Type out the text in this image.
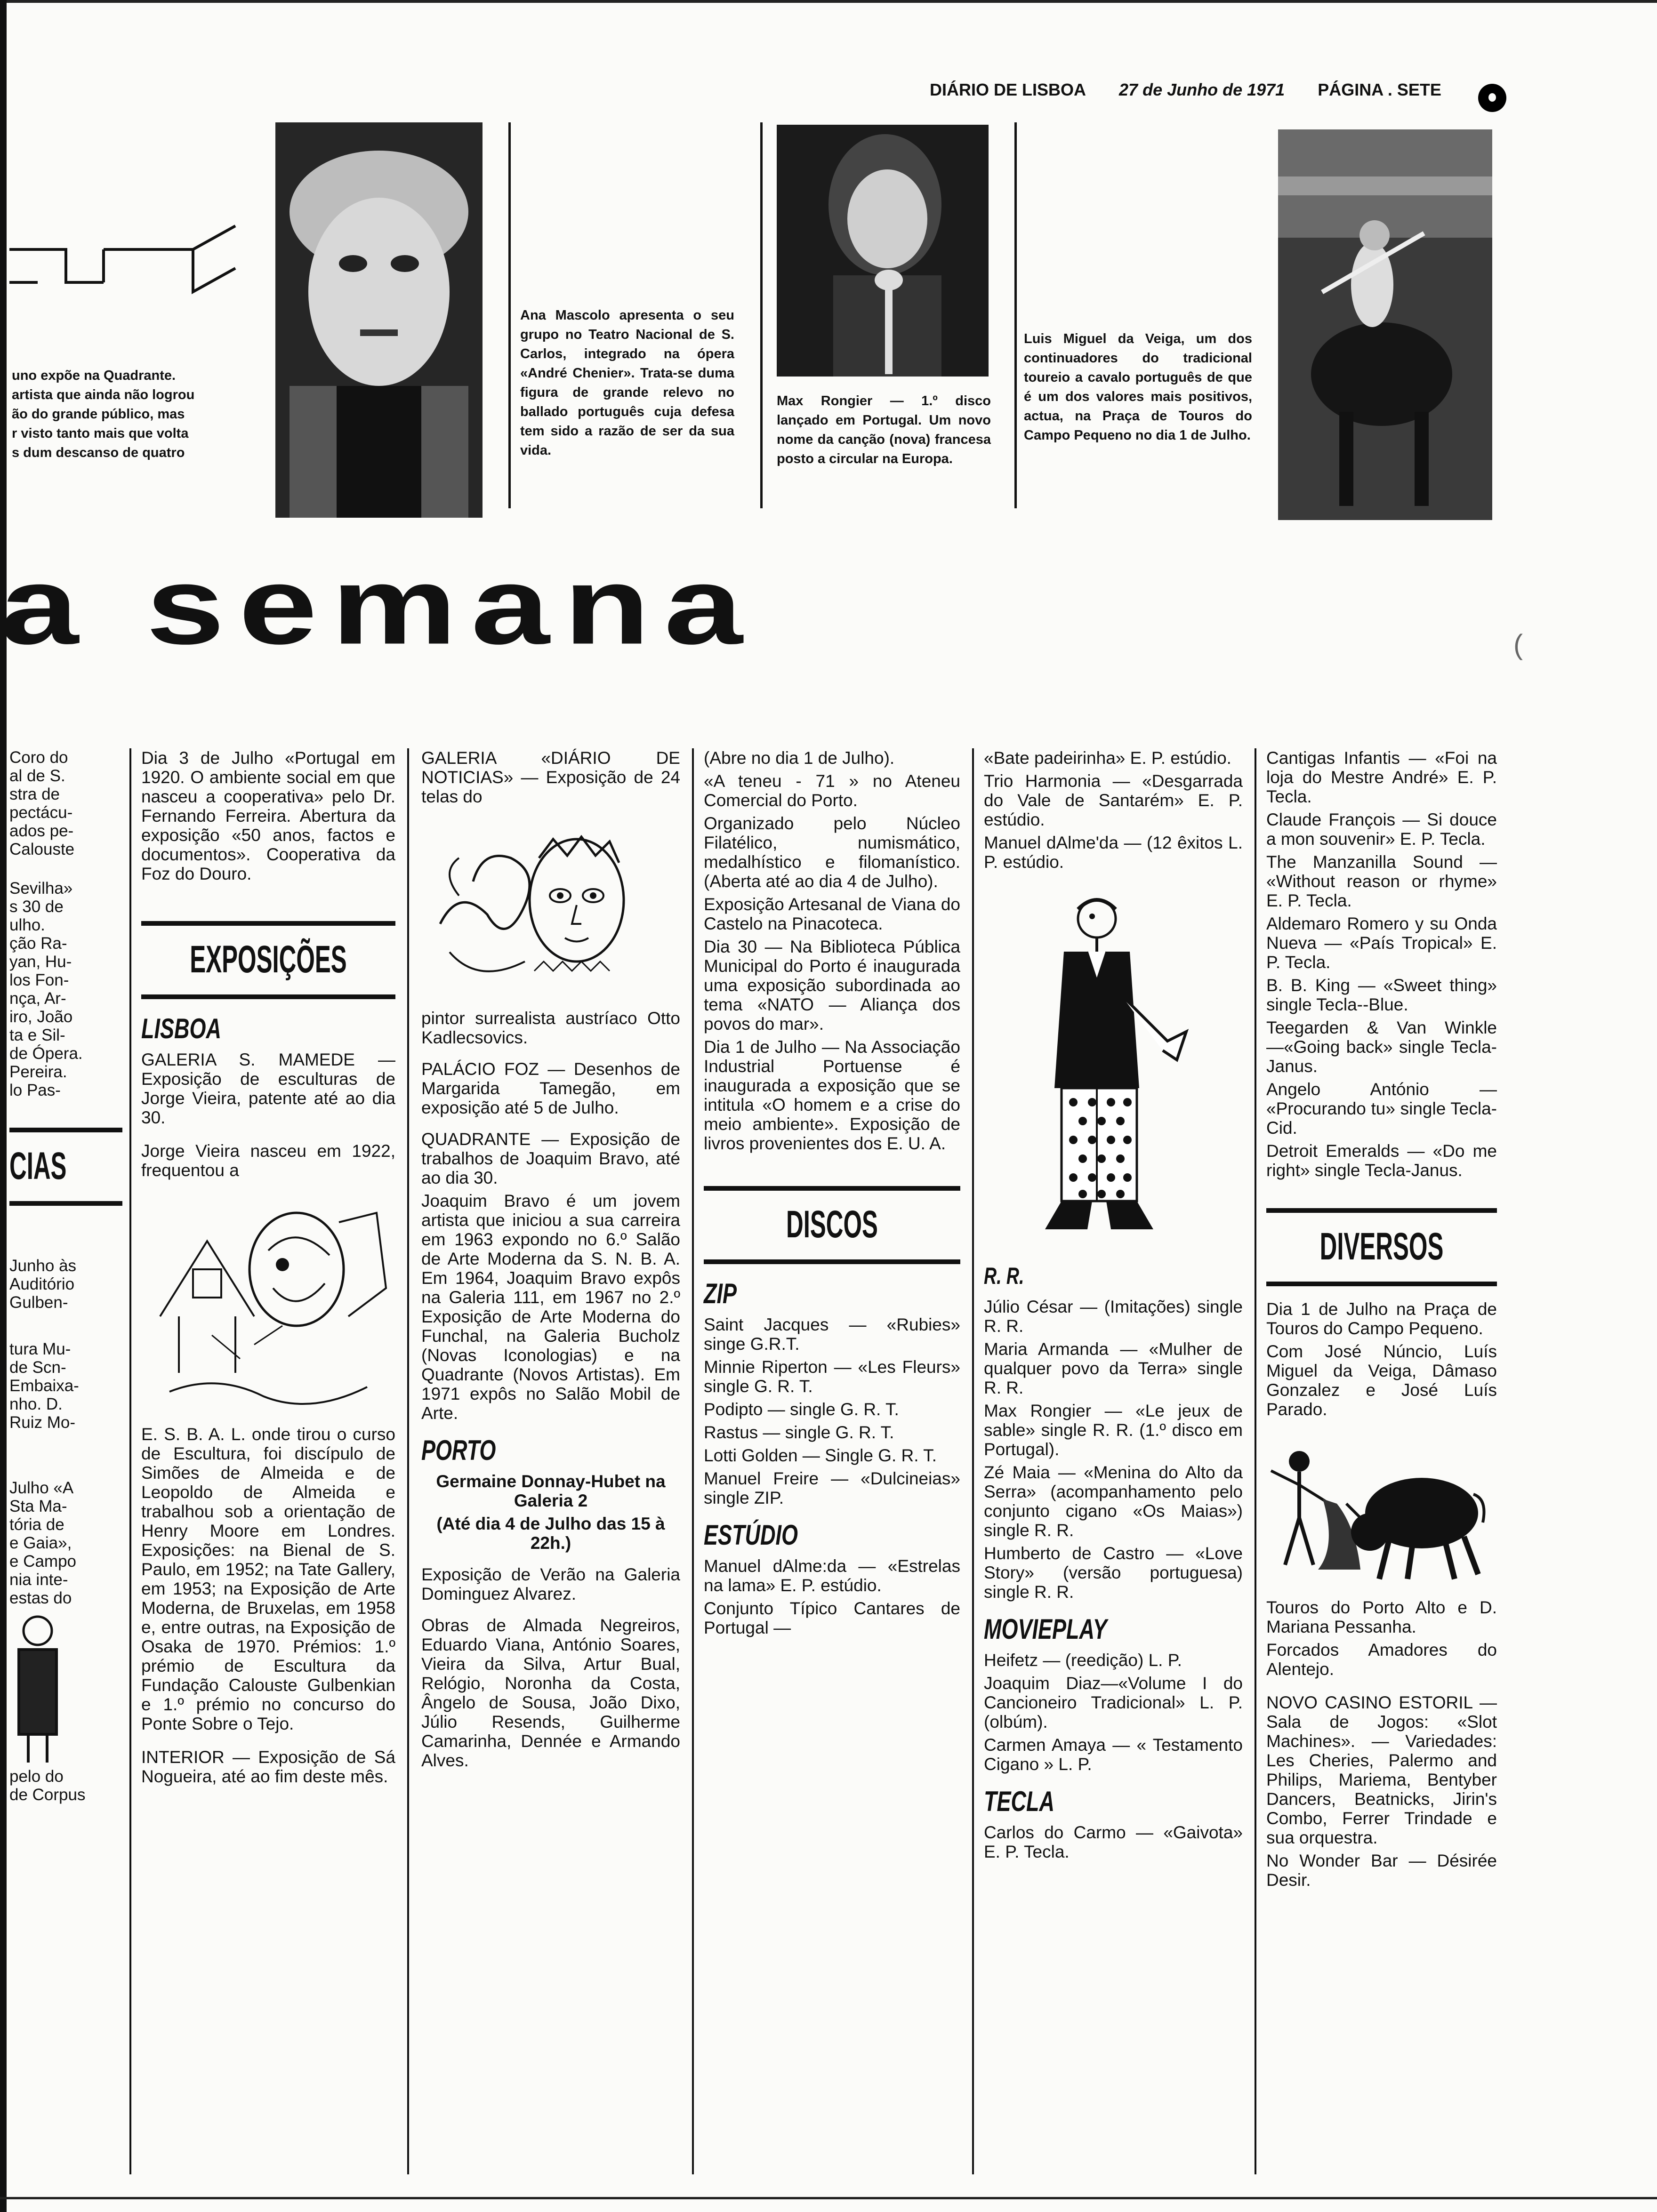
DIÁRIO DE LISBOA 27 de Junho de 1971 PÁGINA . SETE

uno expõe na Quadrante.

artista que ainda não logrou

ão do grande público, mas

r visto tanto mais que volta

s dum descanso de quatro

Ana Mascolo apresenta o seu grupo no Teatro Nacional de S. Carlos, integrado na ópera «André Chenier». Trata-se duma figura de grande relevo no ballado português cuja defesa tem sido a razão de ser da sua vida.

Max Rongier — 1.º disco lançado em Portugal. Um novo nome da canção (nova) francesa posto a circular na Europa.

Luis Miguel da Veiga, um dos continuadores do tradicional toureio a cavalo português de que é um dos valores mais positivos, actua, na Praça de Touros do Campo Pequeno no dia 1 de Julho.

a semana	(

Coro do

al de S.

stra de

pectácu-

ados pe-

Calouste

Sevilha»

s 30 de

ulho.

ção Ra-

yan, Hu-

los Fon-

nça, Ar-

iro, João

ta e Sil-

de Ópera.

Pereira.

lo Pas-

CIAS

Junho às

Auditório

Gulben-

tura Mu-

de Scn-

Embaixa-

nho. D.

Ruiz Mo-

Julho «A

Sta Ma-

tória de

e Gaia»,

e Campo

nia inte-

estas do

pelo do

de Corpus

Dia 3 de Julho «Portugal em 1920. O ambiente social em que nasceu a cooperativa» pelo Dr. Fernando Ferreira. Abertura da exposição «50 anos, factos e documentos». Cooperativa da Foz do Douro.

EXPOSIÇÕES
LISBOA

GALERIA S. MAMEDE — Exposição de esculturas de Jorge Vieira, patente até ao dia 30.

Jorge Vieira nasceu em 1922, frequentou a

E. S. B. A. L. onde tirou o curso de Escultura, foi discípulo de Simões de Almeida e de Leopoldo de Almeida e trabalhou sob a orientação de Henry Moore em Londres. Exposições: na Bienal de S. Paulo, em 1952; na Tate Gallery, em 1953; na Exposição de Arte Moderna, de Bruxelas, em 1958 e, entre outras, na Exposição de Osaka de 1970. Prémios: 1.º prémio de Escultura da Fundação Calouste Gulbenkian e 1.º prémio no concurso do Ponte Sobre o Tejo.

INTERIOR — Exposição de Sá Nogueira, até ao fim deste mês.

GALERIA «DIÁRIO DE NOTICIAS» — Exposição de 24 telas do

pintor surrealista austríaco Otto Kadlecsovics.

PALÁCIO FOZ — Desenhos de Margarida Tamegão, em exposição até 5 de Julho.

QUADRANTE — Exposição de trabalhos de Joaquim Bravo, até ao dia 30.

Joaquim Bravo é um jovem artista que iniciou a sua carreira em 1963 expondo no 6.º Salão de Arte Moderna da S. N. B. A. Em 1964, Joaquim Bravo expôs na Galeria 111, em 1967 no 2.º Exposição de Arte Moderna do Funchal, na Galeria Bucholz (Novas Iconologias) e na Quadrante (Novos Artistas). Em 1971 expôs no Salão Mobil de Arte.

PORTO

Germaine Donnay-Hubet na Galeria 2

(Até dia 4 de Julho das 15 à 22h.)

Exposição de Verão na Galeria Dominguez Alvarez.

Obras de Almada Negreiros, Eduardo Viana, António Soares, Vieira da Silva, Artur Bual, Relógio, Noronha da Costa, Ângelo de Sousa, João Dixo, Júlio Resends, Guilherme Camarinha, Dennée e Armando Alves.

(Abre no dia 1 de Julho).

«A teneu - 71 » no Ateneu Comercial do Porto.

Organizado pelo Núcleo Filatélico, numismático, medalhístico e filomanístico. (Aberta até ao dia 4 de Julho).

Exposição Artesanal de Viana do Castelo na Pinacoteca.

Dia 30 — Na Biblioteca Pública Municipal do Porto é inaugurada uma exposição subordinada ao tema «NATO — Aliança dos povos do mar».

Dia 1 de Julho — Na Associação Industrial Portuense é inaugurada a exposição que se intitula «O homem e a crise do meio ambiente». Exposição de livros provenientes dos E. U. A.

DISCOS
ZIP

Saint Jacques — «Rubies» singe G.R.T.

Minnie Riperton — «Les Fleurs» single G. R. T.

Podipto — single G. R. T.

Rastus — single G. R. T.

Lotti Golden — Single G. R. T.

Manuel Freire — «Dulcineias» single ZIP.

ESTÚDIO

Manuel dAlme:da — «Estrelas na lama» E. P. estúdio.

Conjunto Típico Cantares de Portugal —

«Bate padeirinha» E. P. estúdio.

Trio Harmonia — «Desgarrada do Vale de Santarém» E. P. estúdio.

Manuel dAlme'da — (12 êxitos L. P. estúdio.

R. R.

Júlio César — (Imitações) single R. R.

Maria Armanda — «Mulher de qualquer povo da Terra» single R. R.

Max Rongier — «Le jeux de sable» single R. R. (1.º disco em Portugal).

Zé Maia — «Menina do Alto da Serra» (acompanhamento pelo conjunto cigano «Os Maias») single R. R.

Humberto de Castro — «Love Story» (versão portuguesa) single R. R.

MOVIEPLAY

Heifetz — (reedição) L. P.

Joaquim Diaz—«Volume I do Cancioneiro Tradicional» L. P. (olbúm).

Carmen Amaya — « Testamento Cigano » L. P.

TECLA

Carlos do Carmo — «Gaivota» E. P. Tecla.

Cantigas Infantis — «Foi na loja do Mestre André» E. P. Tecla.

Claude François — Si douce a mon souvenir» E. P. Tecla.

The Manzanilla Sound — «Without reason or rhyme» E. P. Tecla.

Aldemaro Romero y su Onda Nueva — «País Tropical» E. P. Tecla.

B. B. King — «Sweet thing» single Tecla--Blue.

Teegarden & Van Winkle—«Going back» single Tecla-Janus.

Angelo António — «Procurando tu» single Tecla-Cid.

Detroit Emeralds — «Do me right» single Tecla-Janus.

DIVERSOS

Dia 1 de Julho na Praça de Touros do Campo Pequeno.

Com José Núncio, Luís Miguel da Veiga, Dâmaso Gonzalez e José Luís Parado.

Touros do Porto Alto e D. Mariana Pessanha.

Forcados Amadores do Alentejo.

NOVO CASINO ESTORIL — Sala de Jogos: «Slot Machines». — Variedades: Les Cheries, Palermo and Philips, Mariema, Bentyber Dancers, Beatnicks, Jirin's Combo, Ferrer Trindade e sua orquestra.

No Wonder Bar — Désirée Desir.
